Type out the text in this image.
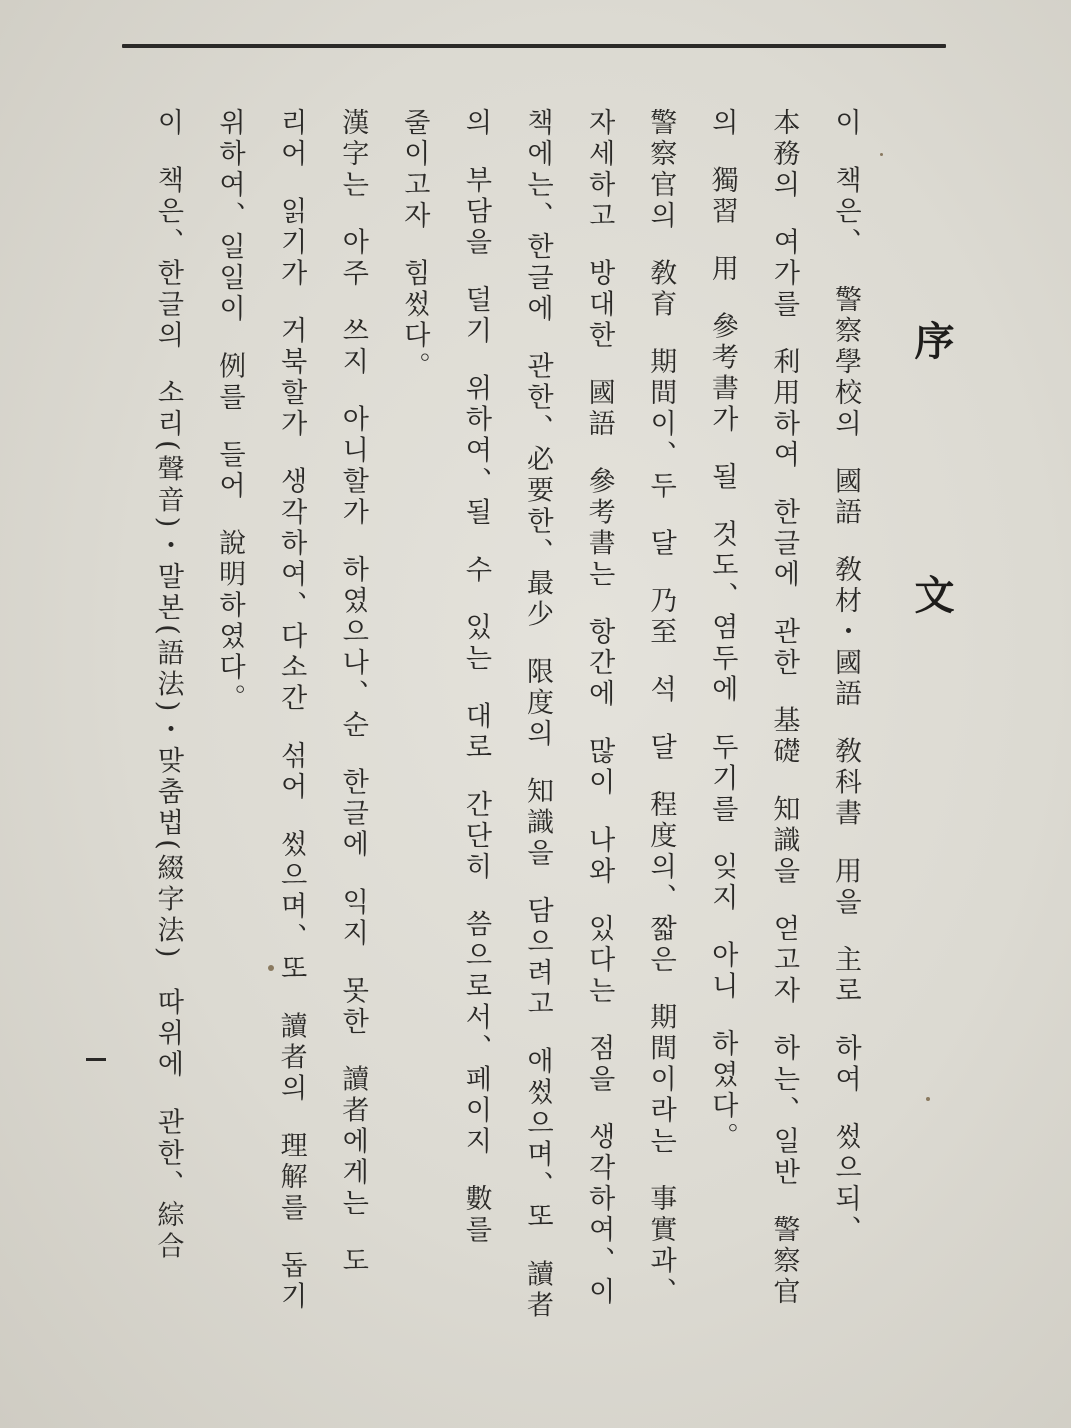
序 文
이 책은、 警察學校의 國語 敎材・國語 敎科書 用을 主로 하여 썼으되、
本務의 여가를 利用하여 한글에 관한 基礎 知識을 얻고자 하는、일반 警察官
의 獨習 用 參考書가 될 것도、염두에 두기를 잊지 아니 하였다。
警察官의 敎育 期間이、두 달 乃至 석 달 程度의、짧은 期間이라는 事實과、
자세하고 방대한 國語 參考書는 항간에 많이 나와 있다는 점을 생각하여、이
책에는、한글에 관한、必要한、最少 限度의 知識을 담으려고 애썼으며、또 讀者
의 부담을 덜기 위하여、될 수 있는 대로 간단히 씀으로서、페이지 數를
줄이고자 힘썼다。
漢字는 아주 쓰지 아니할가 하였으나、순 한글에 익지 못한 讀者에게는 도
리어 읽기가 거북할가 생각하여、다소간 섞어 썼으며、또 讀者의 理解를 돕기
위하여、일일이 例를 들어 說明하였다。
이 책은、한글의 소리(聲音)・말본(語法)・맞춤법(綴字法) 따위에 관한、綜合
